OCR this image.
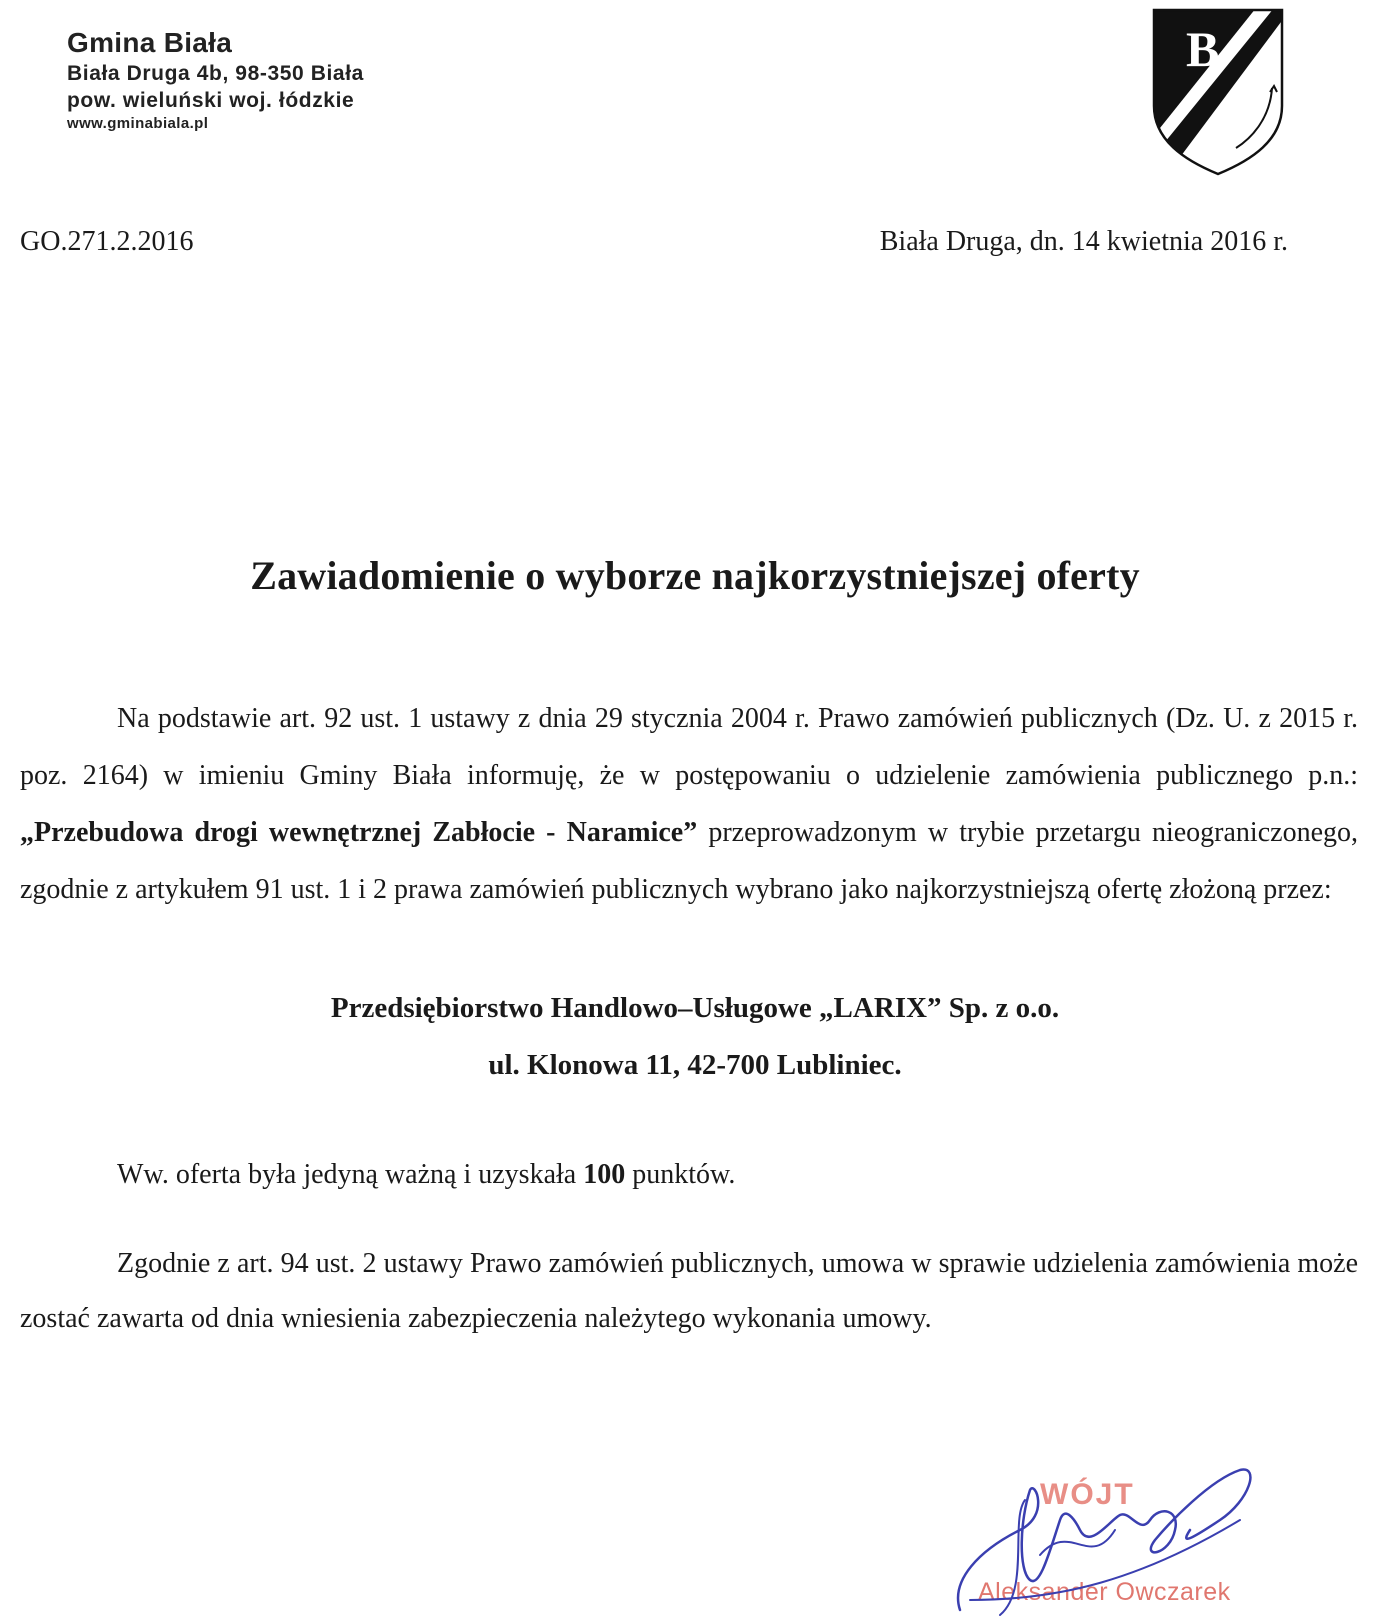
Gmina Biała
Biała Druga 4b, 98-350 Biała
pow. wieluński woj. łódzkie
www.gminabiala.pl
B
GO.271.2.2016	Biała Druga, dn. 14 kwietnia 2016 r.
Zawiadomienie o wyborze najkorzystniejszej oferty
Na podstawie art. 92 ust. 1 ustawy z dnia 29 stycznia 2004 r. Prawo zamówień publicznych (Dz. U. z 2015 r. poz. 2164) w imieniu Gminy Biała informuję, że w postępowaniu o udzielenie zamówienia publicznego p.n.: „Przebudowa drogi wewnętrznej Zabłocie - Naramice” przeprowadzonym w trybie przetargu nieograniczonego, zgodnie z artykułem 91 ust. 1 i 2 prawa zamówień publicznych wybrano jako najkorzystniejszą ofertę złożoną przez:
Przedsiębiorstwo Handlowo–Usługowe „LARIX” Sp. z o.o.
ul. Klonowa 11, 42-700 Lubliniec.
Ww. oferta była jedyną ważną i uzyskała 100 punktów.
Zgodnie z art. 94 ust. 2 ustawy Prawo zamówień publicznych, umowa w sprawie udzielenia zamówienia może zostać zawarta od dnia wniesienia zabezpieczenia należytego wykonania umowy.
WÓJT
Aleksander Owczarek
